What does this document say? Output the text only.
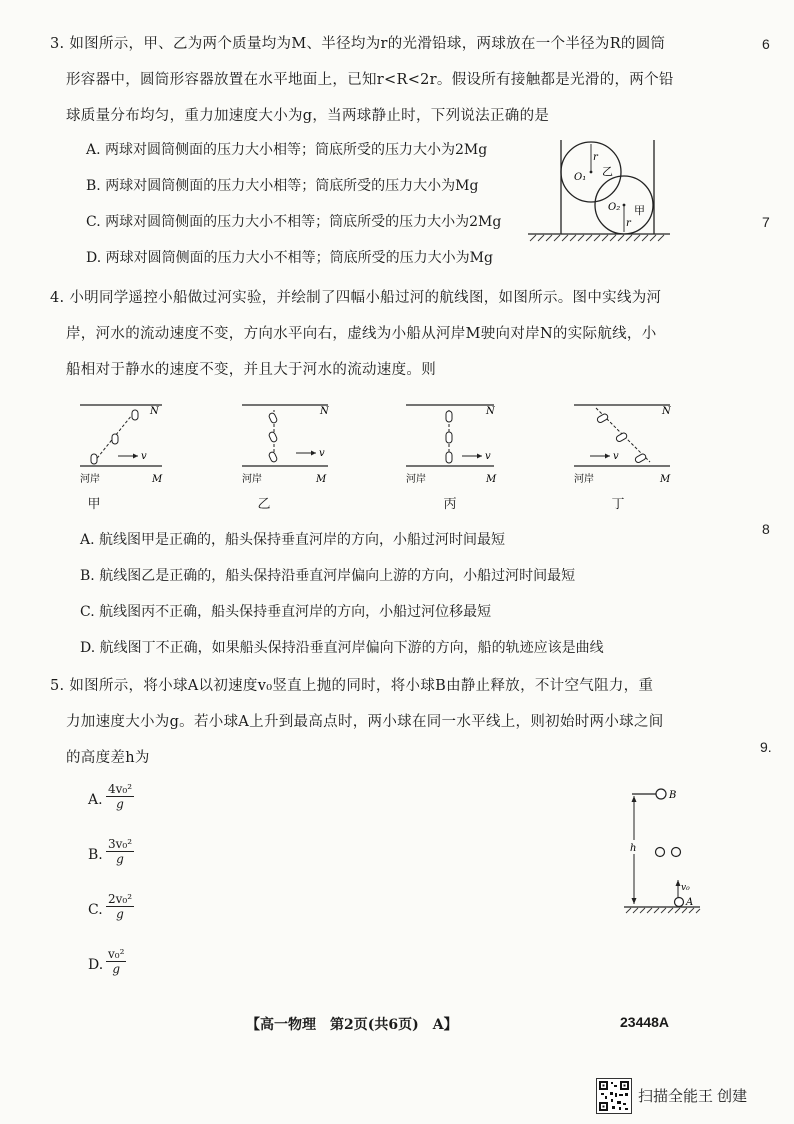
6
7
8
9.
3. 如图所示，甲、乙为两个质量均为M、半径均为r的光滑铅球，两球放在一个半径为R的圆筒
形容器中，圆筒形容器放置在水平地面上，已知r<R<2r。假设所有接触都是光滑的，两个铅
球质量分布均匀，重力加速度大小为g，当两球静止时，下列说法正确的是
A. 两球对圆筒侧面的压力大小相等；筒底所受的压力大小为2Mg
B. 两球对圆筒侧面的压力大小相等；筒底所受的压力大小为Mg
C. 两球对圆筒侧面的压力大小不相等；筒底所受的压力大小为2Mg
D. 两球对圆筒侧面的压力大小不相等；筒底所受的压力大小为Mg
r
O₁ 乙
O₂
r
甲
4. 小明同学遥控小船做过河实验，并绘制了四幅小船过河的航线图，如图所示。图中实线为河
岸，河水的流动速度不变，方向水平向右，虚线为小船从河岸M驶向对岸N的实际航线，小
船相对于静水的速度不变，并且大于河水的流动速度。则
v
N
河岸	M
甲
v
N
河岸	M
乙
v
N
河岸	M
丙
v
N
河岸	M
丁
A. 航线图甲是正确的，船头保持垂直河岸的方向，小船过河时间最短
B. 航线图乙是正确的，船头保持沿垂直河岸偏向上游的方向，小船过河时间最短
C. 航线图丙不正确，船头保持垂直河岸的方向，小船过河位移最短
D. 航线图丁不正确，如果船头保持沿垂直河岸偏向下游的方向，船的轨迹应该是曲线
5. 如图所示，将小球A以初速度v₀竖直上抛的同时，将小球B由静止释放，不计空气阻力，重
力加速度大小为g。若小球A上升到最高点时，两小球在同一水平线上，则初始时两小球之间
的高度差h为
A. $\frac{\text{4v₀²}}{g}$
B. $\frac{\text{3v₀²}}{g}$
C. $\frac{\text{2v₀²}}{g}$
D. $\frac{\text{v₀²}}{g}$
B
h
v₀
A
【高一物理　第2页(共6页)　A】	23448A
扫描全能王 创建
